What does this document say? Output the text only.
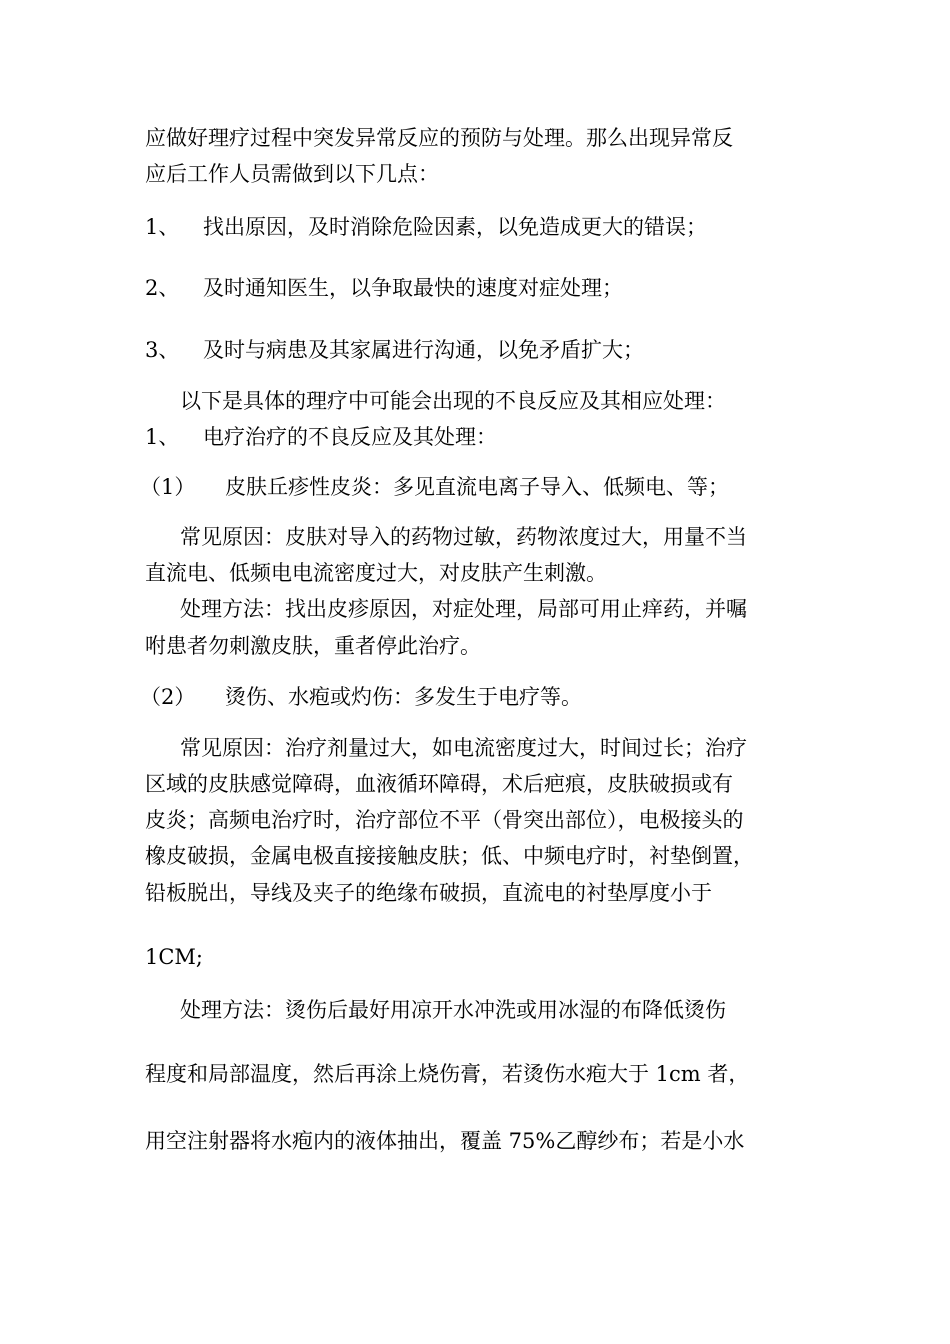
应做好理疗过程中突发异常反应的预防与处理。那么出现异常反
应后工作人员需做到以下几点：
1、 找出原因，及时消除危险因素，以免造成更大的错误；
2、 及时通知医生，以争取最快的速度对症处理；
3、 及时与病患及其家属进行沟通，以免矛盾扩大；
以下是具体的理疗中可能会出现的不良反应及其相应处理：
1、 电疗治疗的不良反应及其处理：
（1） 皮肤丘疹性皮炎：多见直流电离子导入、低频电、等；
常见原因：皮肤对导入的药物过敏，药物浓度过大，用量不当
直流电、低频电电流密度过大，对皮肤产生刺激。
处理方法：找出皮疹原因，对症处理，局部可用止痒药，并嘱
咐患者勿刺激皮肤，重者停此治疗。
（2） 烫伤、水疱或灼伤：多发生于电疗等。
常见原因：治疗剂量过大，如电流密度过大，时间过长；治疗
区域的皮肤感觉障碍，血液循环障碍，术后疤痕，皮肤破损或有
皮炎；高频电治疗时，治疗部位不平（骨突出部位），电极接头的
橡皮破损，金属电极直接接触皮肤；低、中频电疗时，衬垫倒置，
铅板脱出，导线及夹子的绝缘布破损，直流电的衬垫厚度小于
1CM;
处理方法：烫伤后最好用凉开水冲洗或用冰湿的布降低烫伤
程度和局部温度，然后再涂上烧伤膏，若烫伤水疱大于 1cm 者，
用空注射器将水疱内的液体抽出，覆盖 75%乙醇纱布；若是小水
